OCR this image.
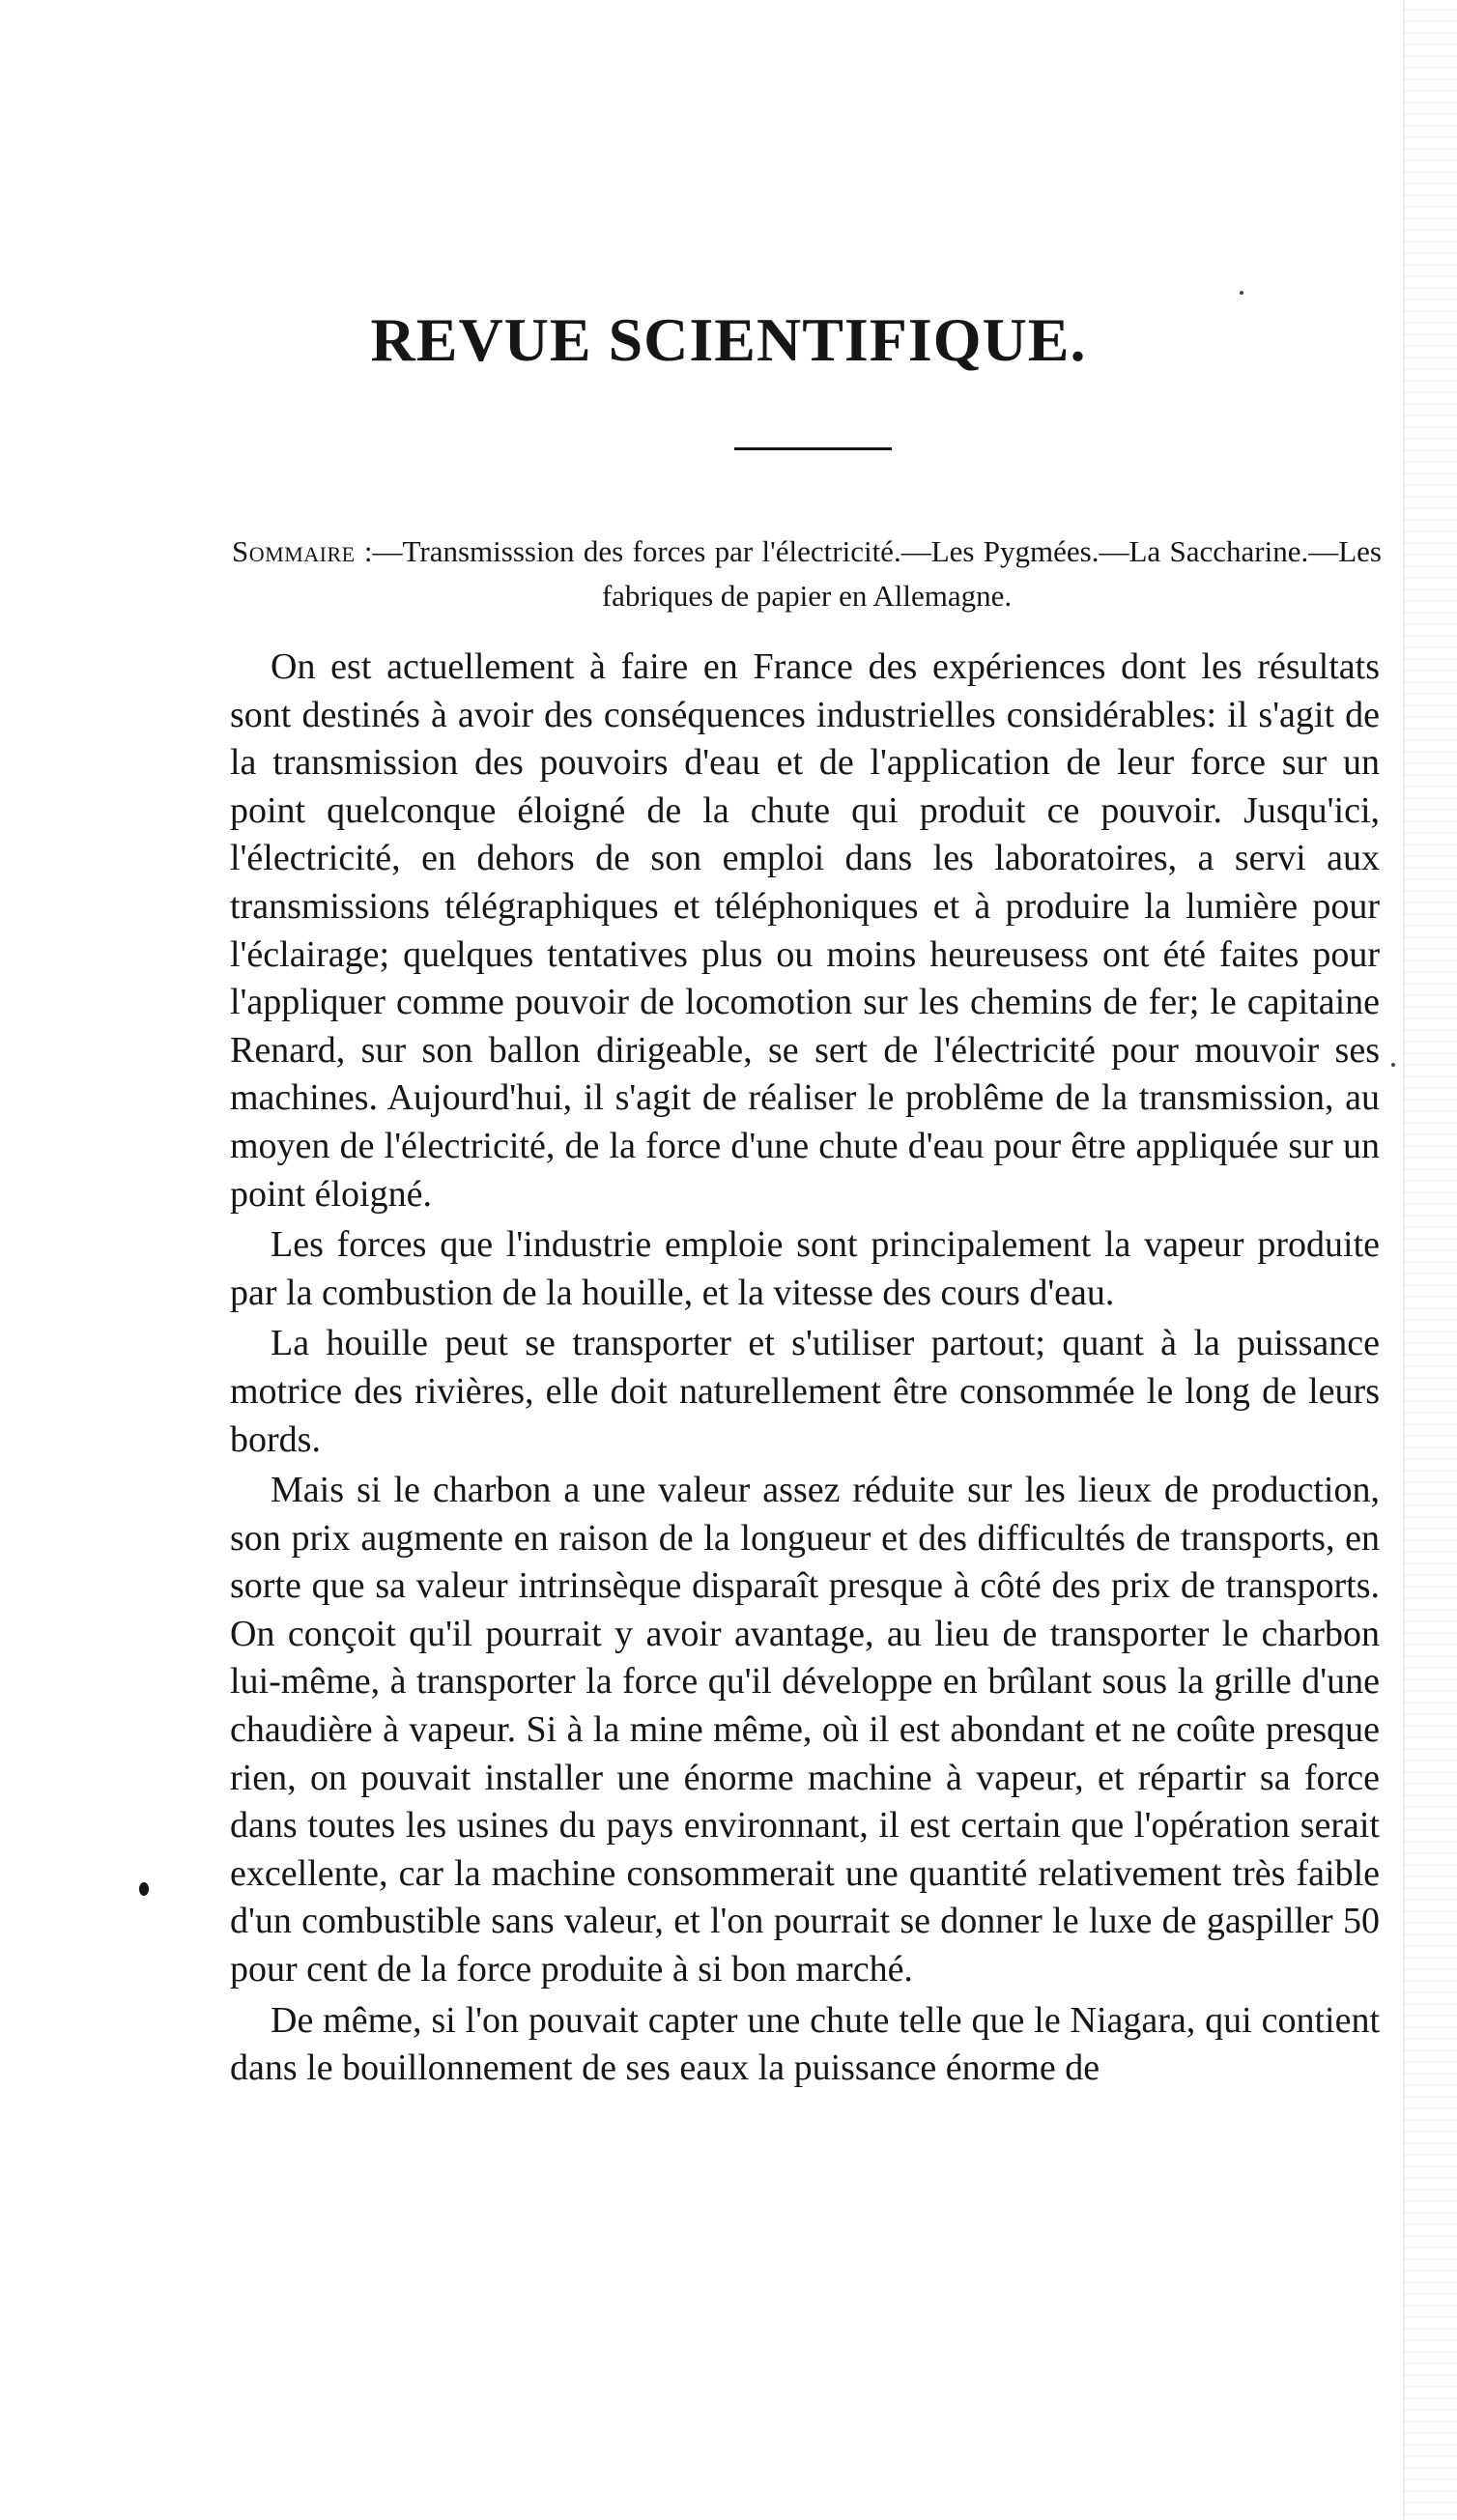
REVUE SCIENTIFIQUE.

Sommaire :—Transmisssion des forces par l'électricité.—Les Pygmées.—La Saccharine.—Les fabriques de papier en Allemagne.

On est actuellement à faire en France des expériences dont les résultats sont destinés à avoir des conséquences industrielles considérables: il s'agit de la transmission des pouvoirs d'eau et de l'application de leur force sur un point quelconque éloigné de la chute qui produit ce pouvoir. Jusqu'ici, l'électricité, en dehors de son emploi dans les laboratoires, a servi aux transmissions télégraphiques et téléphoniques et à produire la lumière pour l'éclairage; quelques tentatives plus ou moins heureusess ont été faites pour l'appliquer comme pouvoir de locomotion sur les chemins de fer; le capitaine Renard, sur son ballon dirigeable, se sert de l'électricité pour mouvoir ses machines. Aujourd'hui, il s'agit de réaliser le problême de la transmission, au moyen de l'électricité, de la force d'une chute d'eau pour être appliquée sur un point éloigné.

Les forces que l'industrie emploie sont principalement la vapeur produite par la combustion de la houille, et la vitesse des cours d'eau.

La houille peut se transporter et s'utiliser partout; quant à la puissance motrice des rivières, elle doit naturellement être consommée le long de leurs bords.

Mais si le charbon a une valeur assez réduite sur les lieux de production, son prix augmente en raison de la longueur et des difficultés de transports, en sorte que sa valeur intrinsèque disparaît presque à côté des prix de transports. On conçoit qu'il pourrait y avoir avantage, au lieu de transporter le charbon lui-même, à transporter la force qu'il développe en brûlant sous la grille d'une chaudière à vapeur. Si à la mine même, où il est abondant et ne coûte presque rien, on pouvait installer une énorme machine à vapeur, et répartir sa force dans toutes les usines du pays environnant, il est certain que l'opération serait excellente, car la machine consommerait une quantité relativement très faible d'un combustible sans valeur, et l'on pourrait se donner le luxe de gaspiller 50 pour cent de la force produite à si bon marché.

De même, si l'on pouvait capter une chute telle que le Niagara, qui contient dans le bouillonnement de ses eaux la puissance énorme de
